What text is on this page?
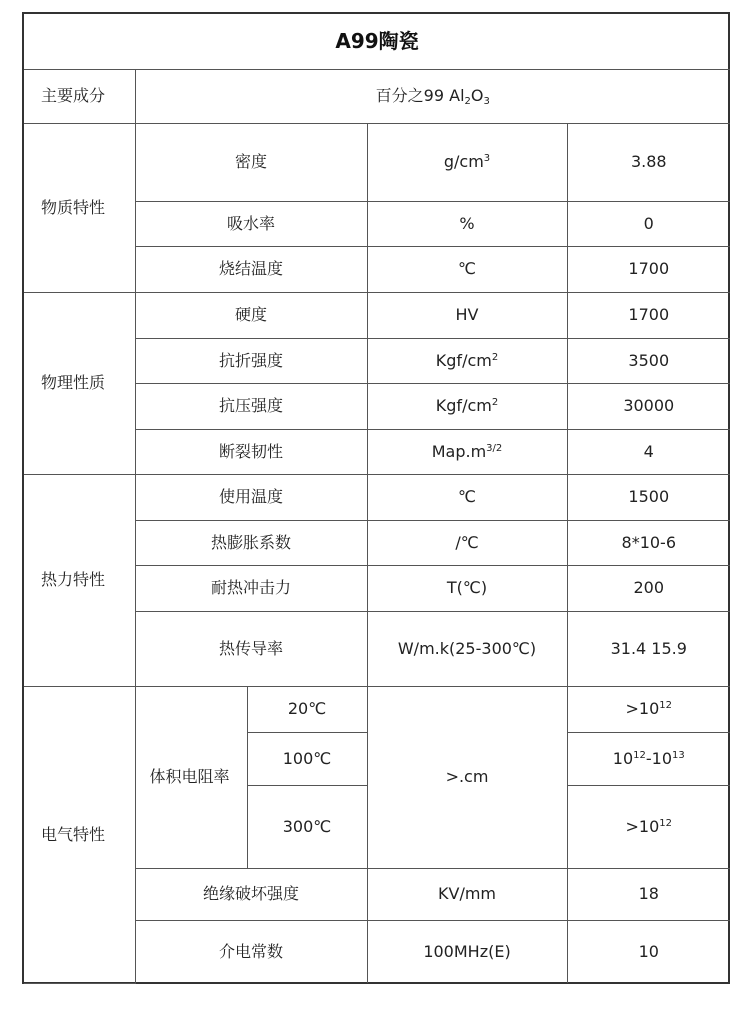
A99陶瓷				
主要成分	百分之99 $Al_2O_3$
物质特性	密度		$g/cm^3$	3.88
	吸水率		%	0
	烧结温度		℃	1700
物理性质	硬度		HV	1700
	抗折强度		Kgf/$cm^2$	3500
	抗压强度		Kgf/$cm^2$	30000
	断裂韧性		$Map.m^{3/2}$	4
热力特性	使用温度		℃	1500
	热膨胀系数		/℃	8*10-6
	耐热冲击力		T(℃)	200
	热传导率		W/m.k(25-300℃)	31.4 15.9
电气特性	体积电阻率	20℃	>.cm	$>10^{12}$
		100℃		$10^{12}-10^{13}$
		300℃		$>10^{12}$
	绝缘破坏强度		KV/mm	18
	介电常数		100MHz(E)	10
